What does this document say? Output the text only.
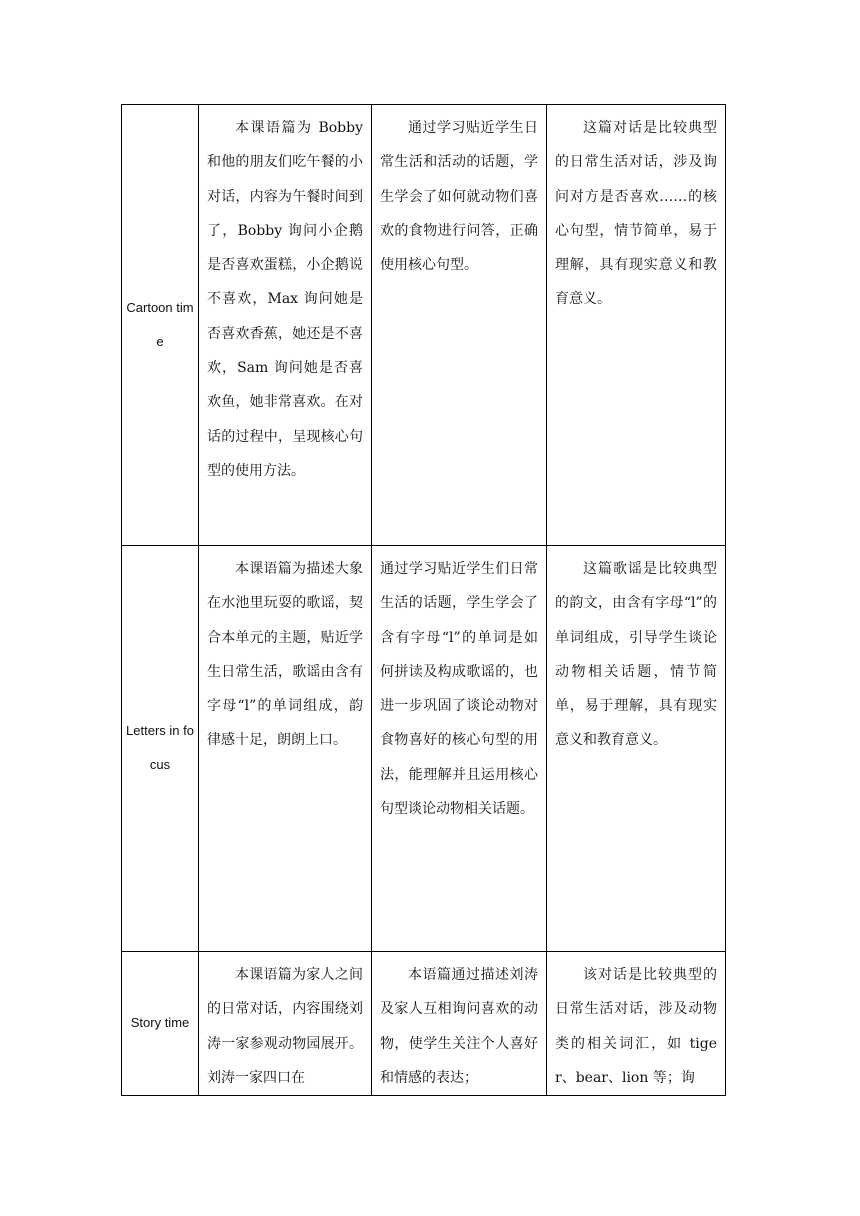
Cartoon time	本课语篇为 Bobby 和他的朋友们吃午餐的小对话，内容为午餐时间到了，Bobby 询问小企鹅是否喜欢蛋糕，小企鹅说不喜欢，Max 询问她是否喜欢香蕉，她还是不喜欢，Sam 询问她是否喜欢鱼，她非常喜欢。在对话的过程中，呈现核心句型的使用方法。	通过学习贴近学生日常生活和活动的话题，学生学会了如何就动物们喜欢的食物进行问答，正确使用核心句型。	这篇对话是比较典型的日常生活对话，涉及询问对方是否喜欢……的核心句型，情节简单，易于理解，具有现实意义和教育意义。

Letters in focus	本课语篇为描述大象在水池里玩耍的歌谣，契合本单元的主题，贴近学生日常生活，歌谣由含有字母“l”的单词组成，韵律感十足，朗朗上口。	通过学习贴近学生们日常生活的话题，学生学会了含有字母“l”的单词是如何拼读及构成歌谣的，也进一步巩固了谈论动物对食物喜好的核心句型的用法，能理解并且运用核心句型谈论动物相关话题。	这篇歌谣是比较典型的韵文，由含有字母“l”的单词组成，引导学生谈论动物相关话题，情节简单，易于理解，具有现实意义和教育意义。

Story time	本课语篇为家人之间的日常对话，内容围绕刘涛一家参观动物园展开。刘涛一家四口在	本语篇通过描述刘涛及家人互相询问喜欢的动物，使学生关注个人喜好和情感的表达；	该对话是比较典型的日常生活对话，涉及动物类的相关词汇，如 tiger、bear、lion 等；询
